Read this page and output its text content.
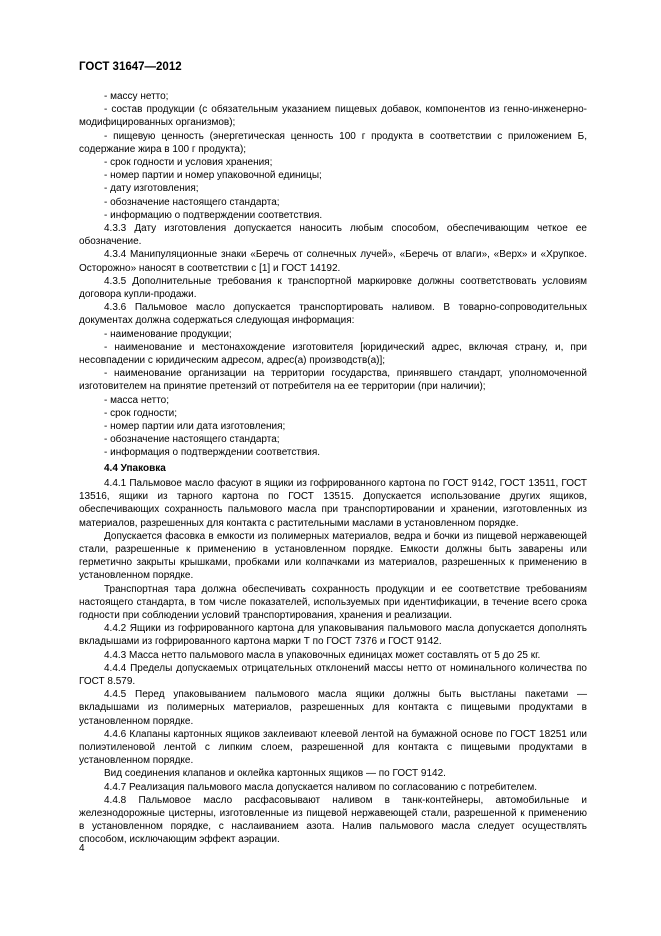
ГОСТ 31647—2012

- массу нетто;

- состав продукции (с обязательным указанием пищевых добавок, компонентов из генно-инженерно-модифицированных организмов);

- пищевую ценность (энергетическая ценность 100 г продукта в соответствии с приложением Б, содержание жира в 100 г продукта);

- срок годности и условия хранения;

- номер партии и номер упаковочной единицы;

- дату изготовления;

- обозначение настоящего стандарта;

- информацию о подтверждении соответствия.

4.3.3 Дату изготовления допускается наносить любым способом, обеспечивающим четкое ее обозначение.

4.3.4 Манипуляционные знаки «Беречь от солнечных лучей», «Беречь от влаги», «Верх» и «Хрупкое. Осторожно» наносят в соответствии с [1] и ГОСТ 14192.

4.3.5 Дополнительные требования к транспортной маркировке должны соответствовать условиям договора купли-продажи.

4.3.6 Пальмовое масло допускается транспортировать наливом. В товарно-сопроводительных документах должна содержаться следующая информация:

- наименование продукции;

- наименование и местонахождение изготовителя [юридический адрес, включая страну, и, при несовпадении с юридическим адресом, адрес(а) производств(а)];

- наименование организации на территории государства, принявшего стандарт, уполномоченной изготовителем на принятие претензий от потребителя на ее территории (при наличии);

- масса нетто;

- срок годности;

- номер партии или дата изготовления;

- обозначение настоящего стандарта;

- информация о подтверждении соответствия.

4.4 Упаковка

4.4.1 Пальмовое масло фасуют в ящики из гофрированного картона по ГОСТ 9142, ГОСТ 13511, ГОСТ 13516, ящики из тарного картона по ГОСТ 13515. Допускается использование других ящиков, обеспечивающих сохранность пальмового масла при транспортировании и хранении, изготовленных из материалов, разрешенных для контакта с растительными маслами в установленном порядке.

Допускается фасовка в емкости из полимерных материалов, ведра и бочки из пищевой нержавеющей стали, разрешенные к применению в установленном порядке. Емкости должны быть заварены или герметично закрыты крышками, пробками или колпачками из материалов, разрешенных к применению в установленном порядке.

Транспортная тара должна обеспечивать сохранность продукции и ее соответствие требованиям настоящего стандарта, в том числе показателей, используемых при идентификации, в течение всего срока годности при соблюдении условий транспортирования, хранения и реализации.

4.4.2 Ящики из гофрированного картона для упаковывания пальмового масла допускается дополнять вкладышами из гофрированного картона марки Т по ГОСТ 7376 и ГОСТ 9142.

4.4.3 Масса нетто пальмового масла в упаковочных единицах может составлять от 5 до 25 кг.

4.4.4 Пределы допускаемых отрицательных отклонений массы нетто от номинального количества по ГОСТ 8.579.

4.4.5 Перед упаковыванием пальмового масла ящики должны быть выстланы пакетами — вкладышами из полимерных материалов, разрешенных для контакта с пищевыми продуктами в установленном порядке.

4.4.6 Клапаны картонных ящиков заклеивают клеевой лентой на бумажной основе по ГОСТ 18251 или полиэтиленовой лентой с липким слоем, разрешенной для контакта с пищевыми продуктами в установленном порядке.

Вид соединения клапанов и оклейка картонных ящиков — по ГОСТ 9142.

4.4.7 Реализация пальмового масла допускается наливом по согласованию с потребителем.

4.4.8 Пальмовое масло расфасовывают наливом в танк-контейнеры, автомобильные и железнодорожные цистерны, изготовленные из пищевой нержавеющей стали, разрешенной к применению в установленном порядке, с наслаиванием азота. Налив пальмового масла следует осуществлять способом, исключающим эффект аэрации.

4
